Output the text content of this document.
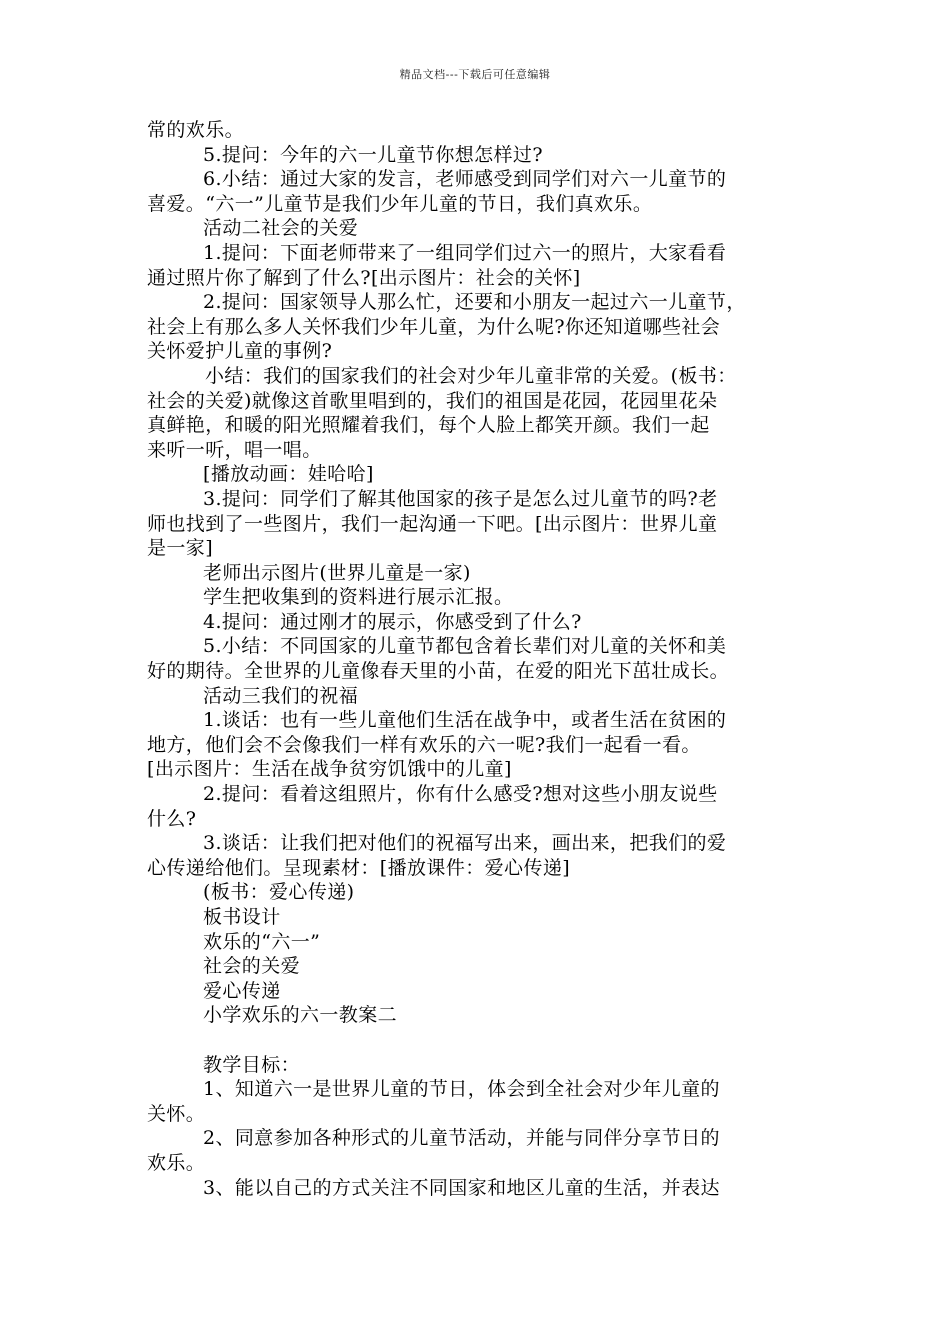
精品文档---下载后可任意编辑
常的欢乐。
5.提问：今年的六一儿童节你想怎样过?
6.小结：通过大家的发言，老师感受到同学们对六一儿童节的
喜爱。“六一”儿童节是我们少年儿童的节日，我们真欢乐。
活动二社会的关爱
1.提问：下面老师带来了一组同学们过六一的照片，大家看看
通过照片你了解到了什么?[出示图片：社会的关怀]
2.提问：国家领导人那么忙，还要和小朋友一起过六一儿童节，
社会上有那么多人关怀我们少年儿童，为什么呢?你还知道哪些社会
关怀爱护儿童的事例?
小结：我们的国家我们的社会对少年儿童非常的关爱。(板书：
社会的关爱)就像这首歌里唱到的，我们的祖国是花园，花园里花朵
真鲜艳，和暖的阳光照耀着我们，每个人脸上都笑开颜。我们一起
来听一听，唱一唱。
[播放动画：娃哈哈]
3.提问：同学们了解其他国家的孩子是怎么过儿童节的吗?老
师也找到了一些图片，我们一起沟通一下吧。[出示图片：世界儿童
是一家]
老师出示图片(世界儿童是一家)
学生把收集到的资料进行展示汇报。
4.提问：通过刚才的展示，你感受到了什么?
5.小结：不同国家的儿童节都包含着长辈们对儿童的关怀和美
好的期待。全世界的儿童像春天里的小苗，在爱的阳光下茁壮成长。
活动三我们的祝福
1.谈话：也有一些儿童他们生活在战争中，或者生活在贫困的
地方，他们会不会像我们一样有欢乐的六一呢?我们一起看一看。
[出示图片：生活在战争贫穷饥饿中的儿童]
2.提问：看着这组照片，你有什么感受?想对这些小朋友说些
什么?
3.谈话：让我们把对他们的祝福写出来，画出来，把我们的爱
心传递给他们。呈现素材：[播放课件：爱心传递]
(板书：爱心传递)
板书设计
欢乐的“六一”
社会的关爱
爱心传递
小学欢乐的六一教案二
教学目标：
1、知道六一是世界儿童的节日，体会到全社会对少年儿童的
关怀。
2、同意参加各种形式的儿童节活动，并能与同伴分享节日的
欢乐。
3、能以自己的方式关注不同国家和地区儿童的生活，并表达
